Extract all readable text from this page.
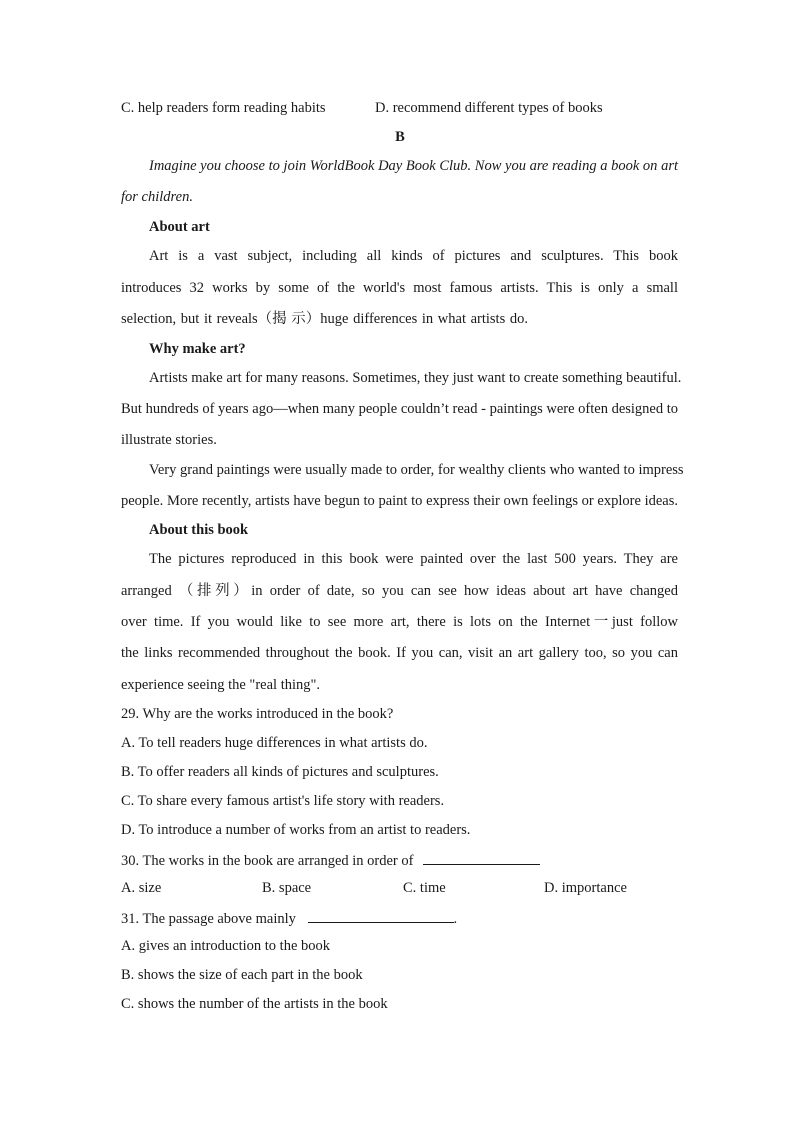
C. help readers form reading habits	D. recommend different types of books
B
Imagine you choose to join WorldBook Day Book Club. Now you are reading a book on art
for children.
About art
Art is a vast subject, including all kinds of pictures and sculptures. This book
introduces 32 works by some of the world's most famous artists. This is only a small
selection, but it reveals（揭 示）huge differences in what artists do.
Why make art?
Artists make art for many reasons. Sometimes, they just want to create something beautiful.
But hundreds of years ago—when many people couldn’t read - paintings were often designed to
illustrate stories.
Very grand paintings were usually made to order, for wealthy clients who wanted to impress
people. More recently, artists have begun to paint to express their own feelings or explore ideas.
About this book
The pictures reproduced in this book were painted over the last 500 years. They are
arranged （排列）in order of date, so you can see how ideas about art have changed
over time. If you would like to see more art, there is lots on the Internet一just follow
the links recommended throughout the book. If you can, visit an art gallery too, so you can
experience seeing the "real thing".
29. Why are the works introduced in the book?
A. To tell readers huge differences in what artists do.
B. To offer readers all kinds of pictures and sculptures.
C. To share every famous artist's life story with readers.
D. To introduce a number of works from an artist to readers.
30. The works in the book are arranged in order of
A. size	B. space	C. time	D. importance
31. The passage above mainly	.
A. gives an introduction to the book
B. shows the size of each part in the book
C. shows the number of the artists in the book
